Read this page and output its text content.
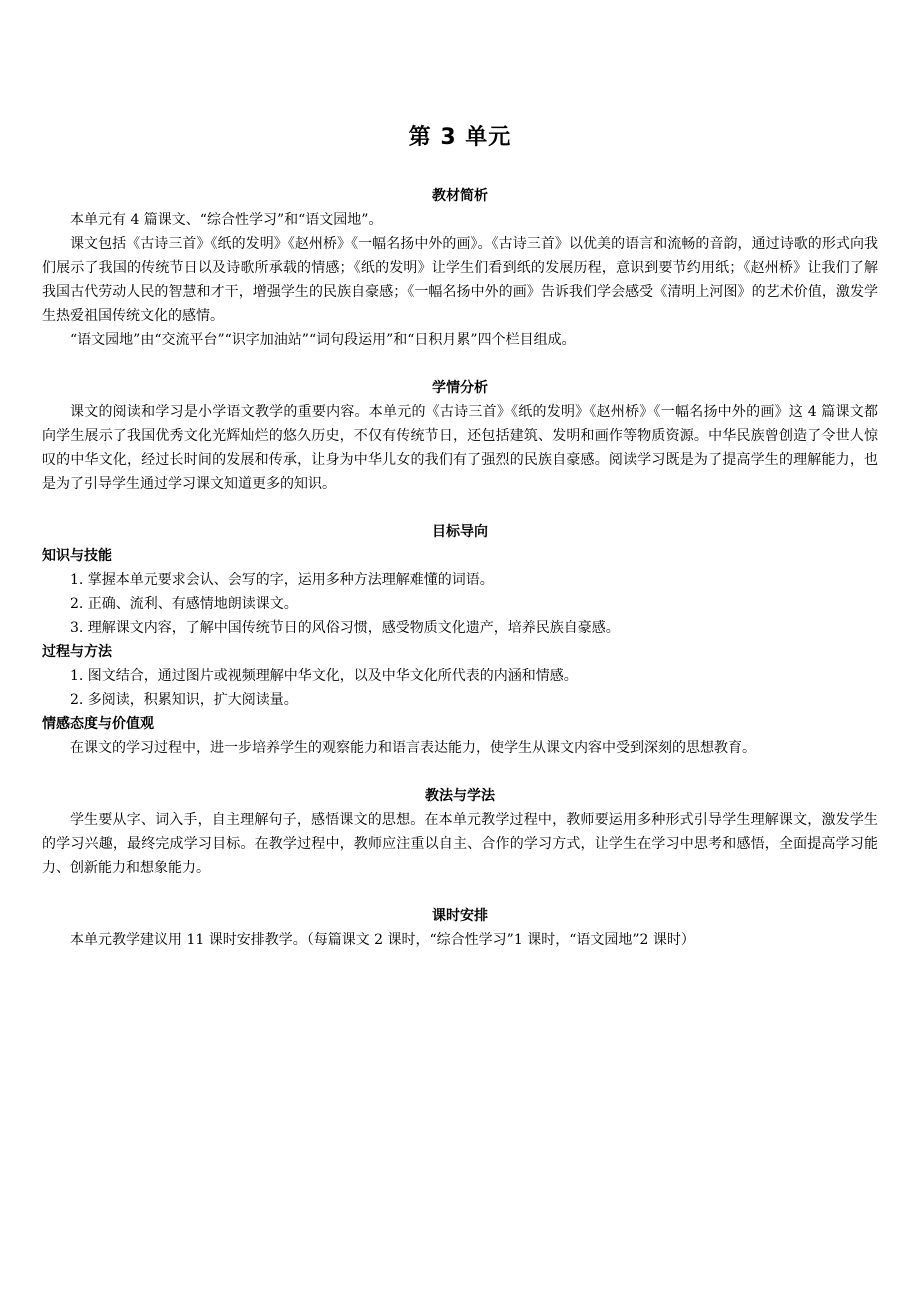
第 3 单元
教材简析

本单元有 4 篇课文、“综合性学习”和“语文园地”。

课文包括《古诗三首》《纸的发明》《赵州桥》《一幅名扬中外的画》。《古诗三首》以优美的语言和流畅的音韵，通过诗歌的形式向我们展示了我国的传统节日以及诗歌所承载的情感；《纸的发明》让学生们看到纸的发展历程，意识到要节约用纸；《赵州桥》让我们了解我国古代劳动人民的智慧和才干，增强学生的民族自豪感；《一幅名扬中外的画》告诉我们学会感受《清明上河图》的艺术价值，激发学生热爱祖国传统文化的感情。

“语文园地”由“交流平台”“识字加油站”“词句段运用”和“日积月累”四个栏目组成。

学情分析

课文的阅读和学习是小学语文教学的重要内容。本单元的《古诗三首》《纸的发明》《赵州桥》《一幅名扬中外的画》这 4 篇课文都向学生展示了我国优秀文化光辉灿烂的悠久历史，不仅有传统节日，还包括建筑、发明和画作等物质资源。中华民族曾创造了令世人惊叹的中华文化，经过长时间的发展和传承，让身为中华儿女的我们有了强烈的民族自豪感。阅读学习既是为了提高学生的理解能力，也是为了引导学生通过学习课文知道更多的知识。

目标导向
知识与技能

1. 掌握本单元要求会认、会写的字，运用多种方法理解难懂的词语。

2. 正确、流利、有感情地朗读课文。

3. 理解课文内容，了解中国传统节日的风俗习惯，感受物质文化遗产，培养民族自豪感。

过程与方法

1. 图文结合，通过图片或视频理解中华文化，以及中华文化所代表的内涵和情感。

2. 多阅读，积累知识，扩大阅读量。

情感态度与价值观

在课文的学习过程中，进一步培养学生的观察能力和语言表达能力，使学生从课文内容中受到深刻的思想教育。

教法与学法

学生要从字、词入手，自主理解句子，感悟课文的思想。在本单元教学过程中，教师要运用多种形式引导学生理解课文，激发学生的学习兴趣，最终完成学习目标。在教学过程中，教师应注重以自主、合作的学习方式，让学生在学习中思考和感悟，全面提高学习能力、创新能力和想象能力。

课时安排

本单元教学建议用 11 课时安排教学。（每篇课文 2 课时，“综合性学习”1 课时，“语文园地”2 课时）
